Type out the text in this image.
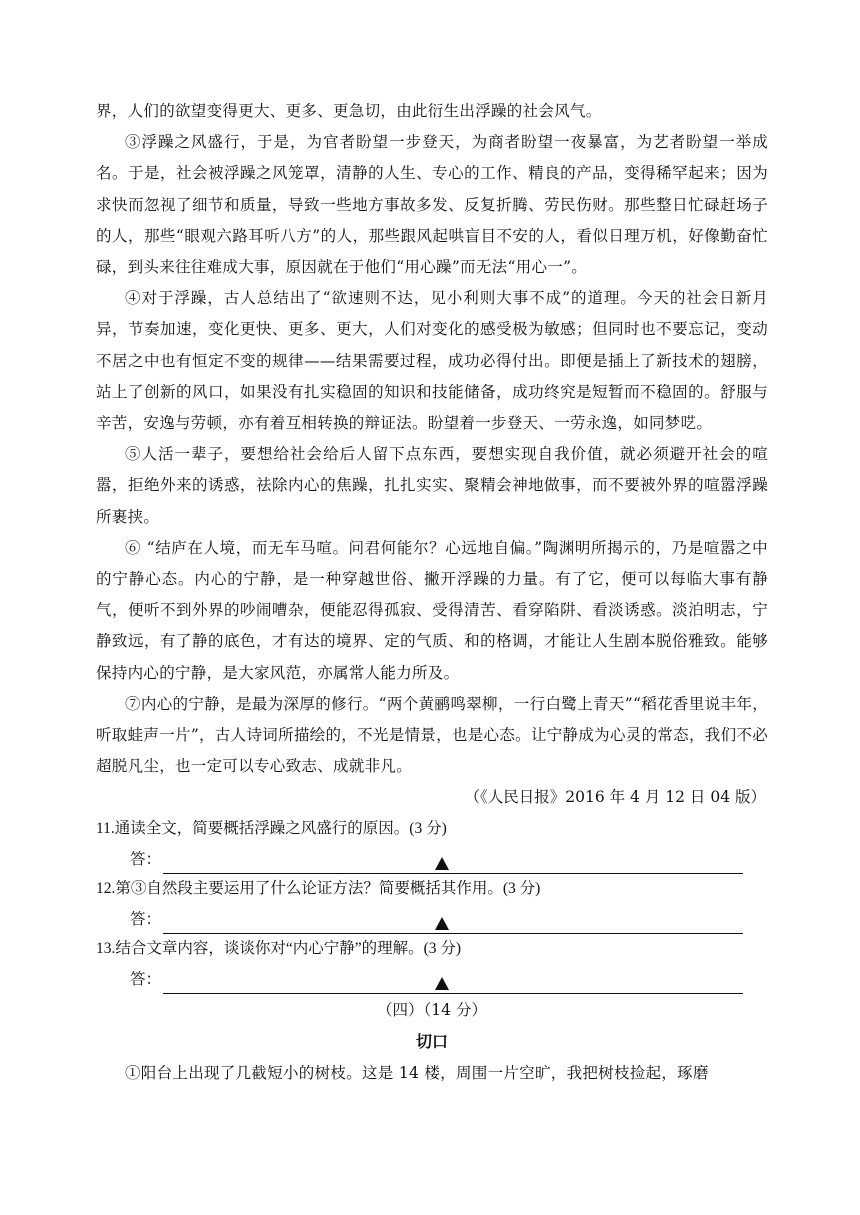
界，人们的欲望变得更大、更多、更急切，由此衍生出浮躁的社会风气。

③浮躁之风盛行，于是，为官者盼望一步登天，为商者盼望一夜暴富，为艺者盼望一举成名。于是，社会被浮躁之风笼罩，清静的人生、专心的工作、精良的产品，变得稀罕起来；因为求快而忽视了细节和质量，导致一些地方事故多发、反复折腾、劳民伤财。那些整日忙碌赶场子的人，那些“眼观六路耳听八方”的人，那些跟风起哄盲目不安的人，看似日理万机，好像勤奋忙碌，到头来往往难成大事，原因就在于他们“用心躁”而无法“用心一”。

④对于浮躁，古人总结出了“欲速则不达，见小利则大事不成”的道理。今天的社会日新月异，节奏加速，变化更快、更多、更大，人们对变化的感受极为敏感；但同时也不要忘记，变动不居之中也有恒定不变的规律——结果需要过程，成功必得付出。即便是插上了新技术的翅膀，站上了创新的风口，如果没有扎实稳固的知识和技能储备，成功终究是短暂而不稳固的。舒服与辛苦，安逸与劳顿，亦有着互相转换的辩证法。盼望着一步登天、一劳永逸，如同梦呓。

⑤人活一辈子，要想给社会给后人留下点东西，要想实现自我价值，就必须避开社会的喧嚣，拒绝外来的诱惑，祛除内心的焦躁，扎扎实实、聚精会神地做事，而不要被外界的喧嚣浮躁所裹挟。

⑥ “结庐在人境，而无车马喧。问君何能尔？心远地自偏。”陶渊明所揭示的，乃是喧嚣之中的宁静心态。内心的宁静，是一种穿越世俗、撇开浮躁的力量。有了它，便可以每临大事有静气，便听不到外界的吵闹嘈杂，便能忍得孤寂、受得清苦、看穿陷阱、看淡诱惑。淡泊明志，宁静致远，有了静的底色，才有达的境界、定的气质、和的格调，才能让人生剧本脱俗雅致。能够保持内心的宁静，是大家风范，亦属常人能力所及。

⑦内心的宁静，是最为深厚的修行。“两个黄鹂鸣翠柳，一行白鹭上青天”“稻花香里说丰年，听取蛙声一片”，古人诗词所描绘的，不光是情景，也是心态。让宁静成为心灵的常态，我们不必超脱凡尘，也一定可以专心致志、成就非凡。

（《人民日报》2016 年 4 月 12 日 04 版）

11.通读全文，简要概括浮躁之风盛行的原因。(3 分)

答：

12.第③自然段主要运用了什么论证方法？简要概括其作用。(3 分)

答：

13.结合文章内容，谈谈你对“内心宁静”的理解。(3 分)

答：

（四）（14 分）

切口

①阳台上出现了几截短小的树枝。这是 14 楼，周围一片空旷，我把树枝捡起，琢磨
